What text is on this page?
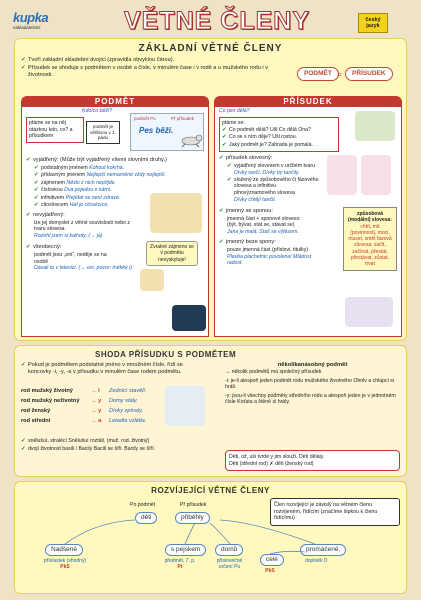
kupka
nakladatelství	VĚTNÉ ČLENY	český jazyk
ZÁKLADNÍ VĚTNÉ ČLENY
✔ Tvoří základní skladební dvojici (zpravidla obvyklou čárou).
✔ Přísudek se shoduje s podmětem v osobě a čísle, v minulém čase i v rodě a u mužského rodu i v životnosti.	PODMĚT =	PŘÍSUDEK
PODMĚT
Kdo/co běží?
ptáme se na něj otázkou kdo, co? a přísudkem
podmět je většinou v 1. pádu
podmět Po	Př přísudek
Pes běží.
✔ vyjádřený: (Může být vyjádřený všemi slovními druhy.)
✔ podstatným jménem Kohout kokrhá.
✔ přídavným jménem Nejlepší nemarněné vždy nejlepší.
✔ zájmenem Nikdo z nich nepřijde.
✔ číslovkou Dva pojedou s námi.
✔ infinitivem Přejídat se není zdravé.
✔ citoslovcem Haf je citoslovce.
✔ nevyjádřený:
lze jej domyslet z větné souvislosti nebo z tvaru slovesa
Roztrhl jsem si kalhoty. (→ já)
✔ všeobecný:
podmět jsou „oni“, neděje se na osobě
Dávali to v televizi. (→ oni, pozor: mékké i)
Zvratné zájmeno se v podmětu nevyskytuje!
PŘÍSUDEK
Co pes dělá?
ptáme se:
✔ Co podmět dělá? Ušl Co dělá Ona?
✔ Co se s ním děje? Ušl rostou.
✔ Jaký podmět je? Zahrada je pomalá.
✔ přísudek slovesný:
✔ vyjádřený slovesem v určitém tvaru
Dívky tančí. Dívky by tančily.
✔ složený ze způsobového či fázového slovesa a infinitivu plnovýznamového slovesa
Dívky chtějí tančit.
✔ jmenný se sponou:
jmenná část + sponové sloveso
(být, bývat, stát se, stávat se)
Jana je malá. Staš se výtězem.
✔ jmenný beze spony:
pouze jmenná část (příslovi, titulky)
Plavba plachetnic povolena! Mládost radost.
způsobová (modální) slovesa:
chtít, mít (povinnost), moci, muset, smět fázová slovesa: začít, začínat, přestat, přestávat, zůstat, trvat
SHODA PŘÍSUDKU S PODMĚTEM
✔ Pokud je podmětem podstatné jméno v množném čísle, řídí se koncovky -i, -y, -a v přísudku v minulém čase rodem podmětu.
rod mužský životný	→ i	Zedníci stavěli.
rod mužský neživotný	→ y	Domy stály.
rod ženský	→ y	Dívky zpívaly.
rod střední	→ a	Letadla vzlétla.
✔ snělušuí, stralécí Snělušuí roztáli. (muž. rod. životný)
✔ dvojí životnost basili / Bacily Bacili se šíři. Bacily se šíří.
několikanásobný podmět
→ několik podmětů má společný přísudek
-i: je-li alespoň jeden podmět rodu mužského životného Ohniv a chlapci si hráli.
-y: jsou-li všechny podměty středního rodu a alespoň jeden je v jednotném čísle Koťata a štěně si hrály.
Děti, ož, uši tvrdé y jim slouží. Děti dělaly.
Děti (střední rod) ✗ děti (ženský rod)
ROZVÍJEJÍCÍ VĚTNÉ ČLENY
Po podmět	Př přísudek
děti	přiběhly
Nadšené	s pejskem	domů
celé
promáčené.
přívlastek (shodný)
PkS
předmět, 7. p.
Pt
příslovečné
určení Pu
PkS
doplněk D
Člen rozvíjející je závislý na větném členu rozvíjeném, řídícím (značíme šipkou k členu řídícímu)
